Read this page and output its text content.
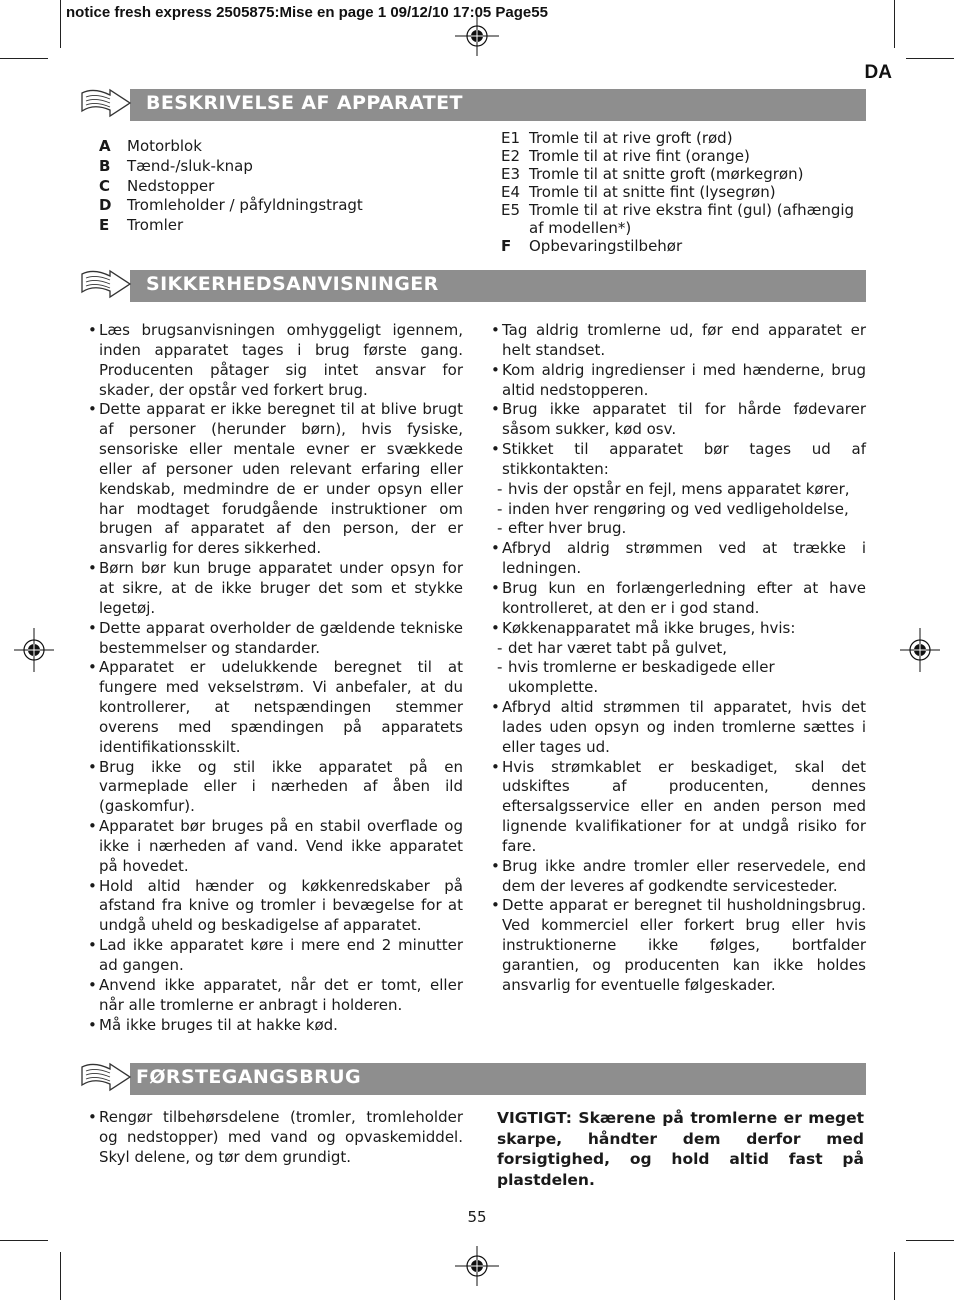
notice fresh express 2505875:Mise en page 1 09/12/10 17:05 Page55
DA
BESKRIVELSE AF APPARATET
A	Motorblok
B	Tænd-/sluk-knap
C	Nedstopper
D	Tromleholder / påfyldningstragt
E	Tromler
E1 Tromle til at rive groft (rød)
E2 Tromle til at rive fint (orange)
E3 Tromle til at snitte groft (mørkegrøn)
E4 Tromle til at snitte fint (lysegrøn)
E5 Tromle til at rive ekstra fint (gul) (afhængig af modellen*)
F	Opbevaringstilbehør
SIKKERHEDSANVISNINGER
• Læs brugsanvisningen omhyggeligt igennem, inden apparatet tages i brug første gang. Producenten påtager sig intet ansvar for skader, der opstår ved forkert brug.
• Dette apparat er ikke beregnet til at blive brugt af personer (herunder børn), hvis fysiske, sensoriske eller mentale evner er svækkede eller af personer uden relevant erfaring eller kendskab, medmindre de er under opsyn eller har modtaget forudgående instruktioner om brugen af apparatet af den person, der er ansvarlig for deres sikkerhed.
• Børn bør kun bruge apparatet under opsyn for at sikre, at de ikke bruger det som et stykke legetøj.
• Dette apparat overholder de gældende tekniske bestemmelser og standarder.
• Apparatet er udelukkende beregnet til at fungere med vekselstrøm. Vi anbefaler, at du kontrollerer, at netspændingen stemmer overens med spændingen på apparatets identifikationsskilt.
• Brug ikke og stil ikke apparatet på en varmeplade eller i nærheden af åben ild (gaskomfur).
• Apparatet bør bruges på en stabil overflade og ikke i nærheden af vand. Vend ikke apparatet på hovedet.
• Hold altid hænder og køkkenredskaber på afstand fra knive og tromler i bevægelse for at undgå uheld og beskadigelse af apparatet.
• Lad ikke apparatet køre i mere end 2 minutter ad gangen.
• Anvend ikke apparatet, når det er tomt, eller når alle tromlerne er anbragt i holderen.
• Må ikke bruges til at hakke kød.
• Tag aldrig tromlerne ud, før end apparatet er helt standset.
• Kom aldrig ingredienser i med hænderne, brug altid nedstopperen.
• Brug ikke apparatet til for hårde fødevarer såsom sukker, kød osv.
• Stikket til apparatet bør tages ud af stikkontakten:
- hvis der opstår en fejl, mens apparatet kører,
- inden hver rengøring og ved vedligeholdelse,
- efter hver brug.
• Afbryd aldrig strømmen ved at trække i ledningen.
• Brug kun en forlængerledning efter at have kontrolleret, at den er i god stand.
• Køkkenapparatet må ikke bruges, hvis:
- det har været tabt på gulvet,
- hvis tromlerne er beskadigede eller ukomplette.
• Afbryd altid strømmen til apparatet, hvis det lades uden opsyn og inden tromlerne sættes i eller tages ud.
• Hvis strømkablet er beskadiget, skal det udskiftes af producenten, dennes eftersalgsservice eller en anden person med lignende kvalifikationer for at undgå risiko for fare.
• Brug ikke andre tromler eller reservedele, end dem der leveres af godkendte servicesteder.
• Dette apparat er beregnet til husholdningsbrug. Ved kommerciel eller forkert brug eller hvis instruktionerne ikke følges, bortfalder garantien, og producenten kan ikke holdes ansvarlig for eventuelle følgeskader.
FØRSTEGANGSBRUG
• Rengør tilbehørsdelene (tromler, tromleholder og nedstopper) med vand og opvaskemiddel. Skyl delene, og tør dem grundigt.
VIGTIGT: Skærene på tromlerne er meget skarpe, håndter dem derfor med forsigtighed, og hold altid fast på plastdelen.
55
